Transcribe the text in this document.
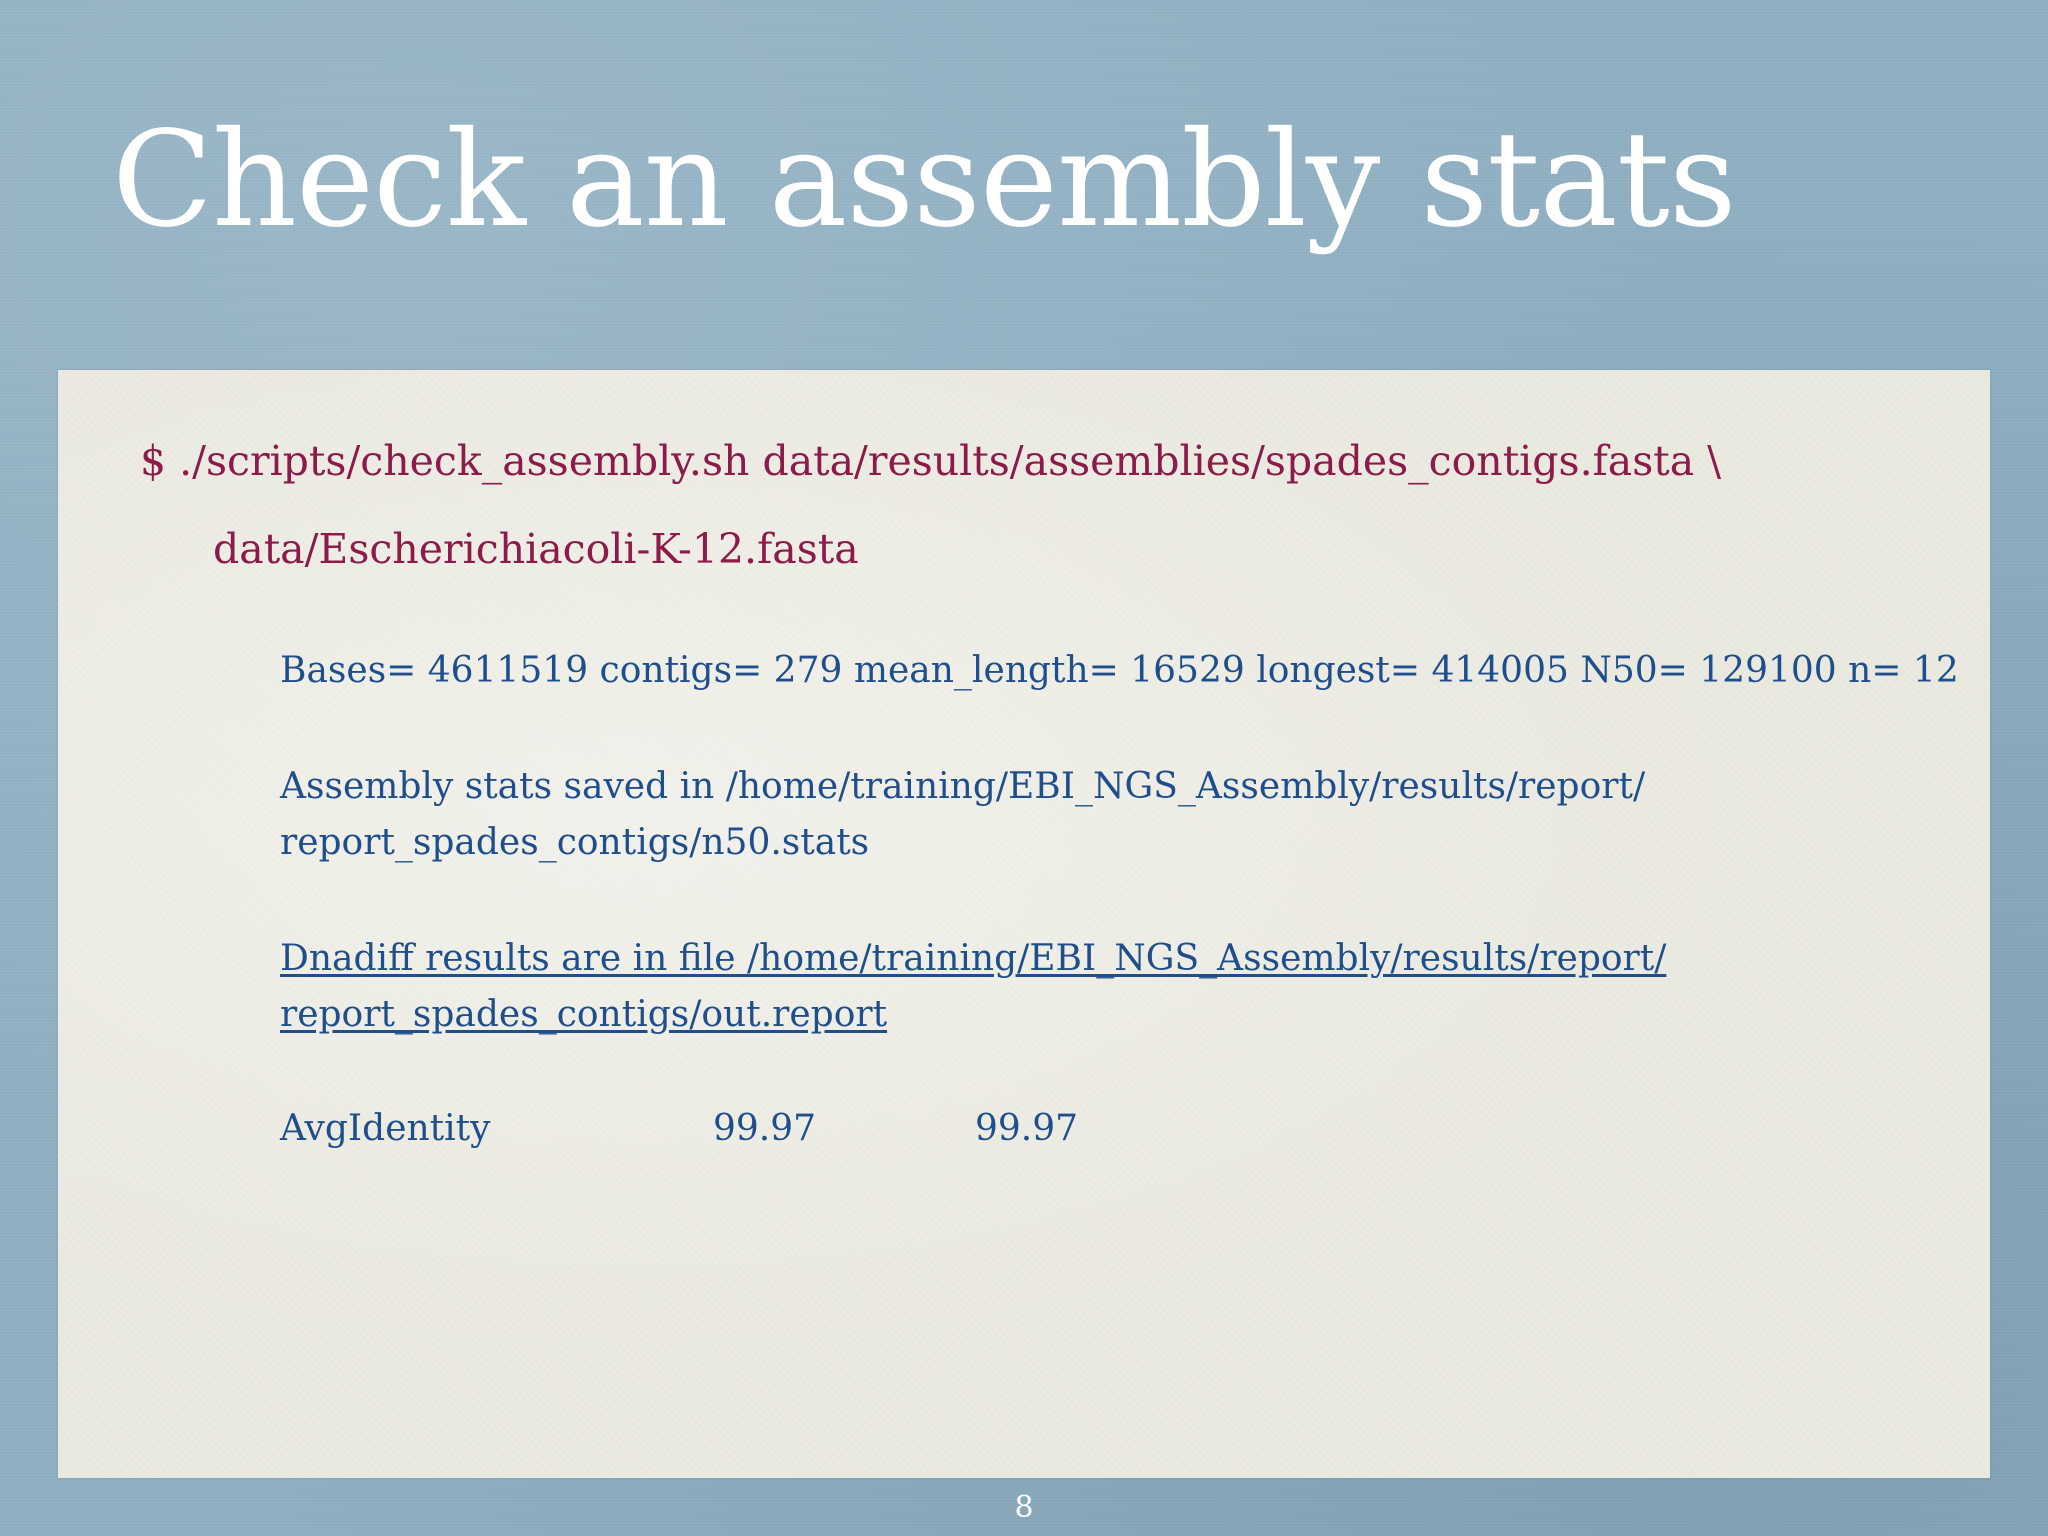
Check an assembly stats

$ ./scripts/check_assembly.sh data/results/assemblies/spades_contigs.fasta \

data/Escherichiacoli-K-12.fasta

Bases= 4611519 contigs= 279 mean_length= 16529 longest= 414005 N50= 129100 n= 12

Assembly stats saved in /home/training/EBI_NGS_Assembly/results/report/

report_spades_contigs/n50.stats

Dnadiff results are in file /home/training/EBI_NGS_Assembly/results/report/
report_spades_contigs/out.report

AvgIdentity	99.97	99.97

8
